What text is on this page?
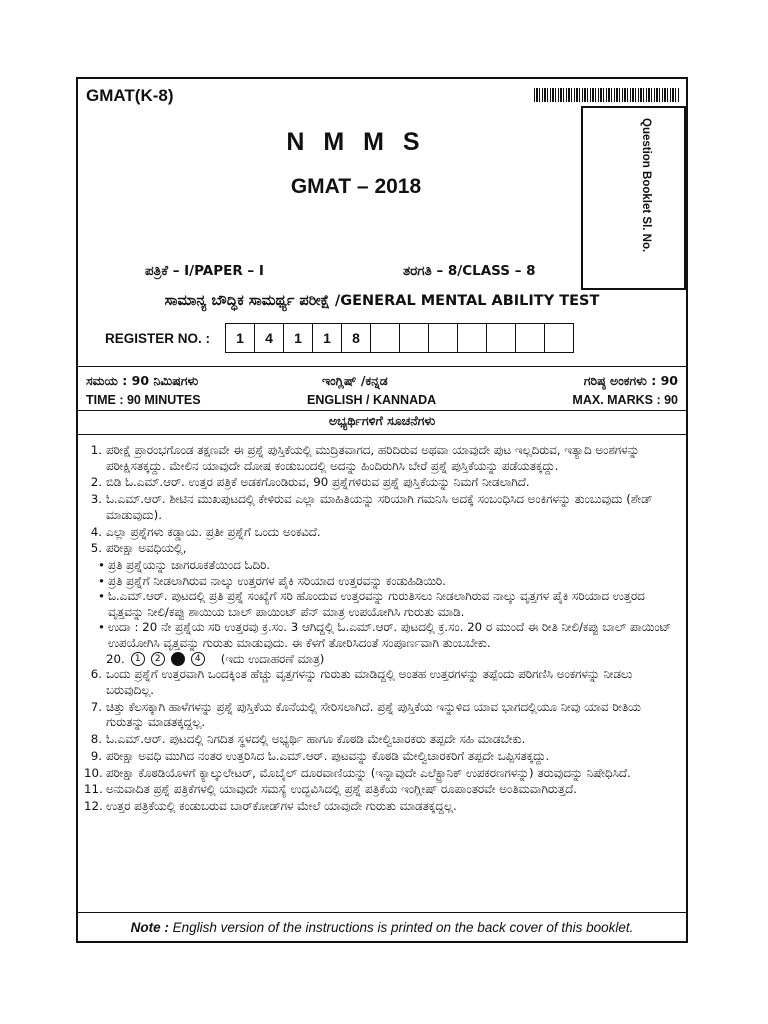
GMAT(K-8)
Question Booklet Sl. No.
N M M S
GMAT – 2018
ಪತ್ರಿಕೆ – I/PAPER – I	ತರಗತಿ – 8/CLASS – 8
ಸಾಮಾನ್ಯ ಬೌದ್ಧಿಕ ಸಾಮರ್ಥ್ಯ ಪರೀಕ್ಷೆ /GENERAL MENTAL ABILITY TEST
REGISTER NO. :	1	4	1	1	8
ಸಮಯ : 90 ನಿಮಿಷಗಳು	ಇಂಗ್ಲಿಷ್ /ಕನ್ನಡ	ಗರಿಷ್ಠ ಅಂಕಗಳು : 90
TIME : 90 MINUTES	ENGLISH / KANNADA	MAX. MARKS : 90
ಅಭ್ಯರ್ಥಿಗಳಿಗೆ ಸೂಚನೆಗಳು
1. ಪರೀಕ್ಷೆ ಪ್ರಾರಂಭಗೊಂಡ ತಕ್ಷಣವೇ ಈ ಪ್ರಶ್ನೆ ಪುಸ್ತಿಕೆಯಲ್ಲಿ ಮುದ್ರಿತವಾಗದ, ಹರಿದಿರುವ ಅಥವಾ ಯಾವುದೇ ಪುಟ ಇಲ್ಲದಿರುವ, ಇತ್ಯಾದಿ ಅಂಶಗಳನ್ನು ಪರೀಕ್ಷಿಸತಕ್ಕದ್ದು. ಮೇಲಿನ ಯಾವುದೇ ದೋಷ ಕಂಡುಬಂದಲ್ಲಿ ಅದನ್ನು ಹಿಂದಿರುಗಿಸಿ ಬೇರೆ ಪ್ರಶ್ನೆ ಪುಸ್ತಿಕೆಯನ್ನು ಪಡೆಯತಕ್ಕದ್ದು.
2. ಬಿಡಿ ಓ.ಎಮ್.ಆರ್. ಉತ್ತರ ಪತ್ರಿಕೆ ಅಡಕಗೊಂಡಿರುವ, 90 ಪ್ರಶ್ನೆಗಳಿರುವ ಪ್ರಶ್ನೆ ಪುಸ್ತಿಕೆಯನ್ನು ನಿಮಗೆ ನೀಡಲಾಗಿದೆ.
3. ಓ.ಎಮ್.ಆರ್. ಶೀಟಿನ ಮುಖಪುಟದಲ್ಲಿ ಕೇಳಿರುವ ಎಲ್ಲಾ ಮಾಹಿತಿಯನ್ನು ಸರಿಯಾಗಿ ಗಮನಿಸಿ ಅದಕ್ಕೆ ಸಂಬಂಧಿಸಿದ ಅಂಕಿಗಳನ್ನು ತುಂಬುವುದು (ಶೇಡ್ ಮಾಡುವುದು).
4. ಎಲ್ಲಾ ಪ್ರಶ್ನೆಗಳು ಕಡ್ಡಾಯ. ಪ್ರತೀ ಪ್ರಶ್ನೆಗೆ ಒಂದು ಅಂಕವಿದೆ.
5. ಪರೀಕ್ಷಾ ಅವಧಿಯಲ್ಲಿ,
• ಪ್ರತಿ ಪ್ರಶ್ನೆಯನ್ನು ಜಾಗರೂಕತೆಯಿಂದ ಓದಿರಿ.
• ಪ್ರತಿ ಪ್ರಶ್ನೆಗೆ ನೀಡಲಾಗಿರುವ ನಾಲ್ಕು ಉತ್ತರಗಳ ಪೈಕಿ ಸರಿಯಾದ ಉತ್ತರವನ್ನು ಕಂಡುಹಿಡಿಯಿರಿ.
• ಓ.ಎಮ್.ಆರ್. ಪುಟದಲ್ಲಿ ಪ್ರತಿ ಪ್ರಶ್ನೆ ಸಂಖ್ಯೆಗೆ ಸರಿ ಹೊಂದುವ ಉತ್ತರವನ್ನು ಗುರುತಿಸಲು ನೀಡಲಾಗಿರುವ ನಾಲ್ಕು ವೃತ್ತಗಳ ಪೈಕಿ ಸರಿಯಾದ ಉತ್ತರದ ವೃತ್ತವನ್ನು ನೀಲಿ/ಕಪ್ಪು ಶಾಯಿಯ ಬಾಲ್ ಪಾಯಿಂಟ್ ಪೆನ್ ಮಾತ್ರ ಉಪಯೋಗಿಸಿ ಗುರುತು ಮಾಡಿ.
• ಉದಾ : 20 ನೇ ಪ್ರಶ್ನೆಯ ಸರಿ ಉತ್ತರವು ಕ್ರ.ಸಂ. 3 ಆಗಿದ್ದಲ್ಲಿ ಓ.ಎಮ್.ಆರ್. ಪುಟದಲ್ಲಿ ಕ್ರ.ಸಂ. 20 ರ ಮುಂದೆ ಈ ರೀತಿ ನೀಲಿ/ಕಪ್ಪು ಬಾಲ್ ಪಾಯಿಂಟ್ ಉಪಯೋಗಿಸಿ ವೃತ್ತವನ್ನು ಗುರುತು ಮಾಡುವುದು. ಈ ಕೆಳಗೆ ತೋರಿಸಿದಂತೆ ಸಂಪೂರ್ಣವಾಗಿ ತುಂಬಬೇಕು.
20.	1	2	3	4	(ಇದು ಉದಾಹರಣೆ ಮಾತ್ರ)
6. ಒಂದು ಪ್ರಶ್ನೆಗೆ ಉತ್ತರವಾಗಿ ಒಂದಕ್ಕಿಂತ ಹೆಚ್ಚು ವೃತ್ತಗಳನ್ನು ಗುರುತು ಮಾಡಿದ್ದಲ್ಲಿ ಅಂತಹ ಉತ್ತರಗಳನ್ನು ತಪ್ಪೆಂದು ಪರಿಗಣಿಸಿ ಅಂಕಗಳನ್ನು ನೀಡಲು ಬರುವುದಿಲ್ಲ.
7. ಚಿತ್ತು ಕೆಲಸಕ್ಕಾಗಿ ಹಾಳೆಗಳನ್ನು ಪ್ರಶ್ನೆ ಪುಸ್ತಿಕೆಯ ಕೊನೆಯಲ್ಲಿ ಸೇರಿಸಲಾಗಿದೆ. ಪ್ರಶ್ನೆ ಪುಸ್ತಿಕೆಯ ಇನ್ನುಳಿದ ಯಾವ ಭಾಗದಲ್ಲಿಯೂ ನೀವು ಯಾವ ರೀತಿಯ ಗುರುತನ್ನು ಮಾಡತಕ್ಕದ್ದಲ್ಲ.
8. ಓ.ಎಮ್.ಆರ್. ಪುಟದಲ್ಲಿ ನಿಗದಿತ ಸ್ಥಳದಲ್ಲಿ ಅಭ್ಯರ್ಥಿ ಹಾಗೂ ಕೊಠಡಿ ಮೇಲ್ವಿಚಾರಕರು ತಪ್ಪದೇ ಸಹಿ ಮಾಡಬೇಕು.
9. ಪರೀಕ್ಷಾ ಅವಧಿ ಮುಗಿದ ನಂತರ ಉತ್ತರಿಸಿದ ಓ.ಎಮ್.ಆರ್. ಪುಟವನ್ನು ಕೊಠಡಿ ಮೇಲ್ವಿಚಾರಕರಿಗೆ ತಪ್ಪದೇ ಒಪ್ಪಿಸತಕ್ಕದ್ದು.
10. ಪರೀಕ್ಷಾ ಕೊಠಡಿಯೊಳಗೆ ಕ್ಯಾಲ್ಕುಲೇಟರ್, ಮೊಬೈಲ್ ದೂರವಾಣಿಯನ್ನು (ಇನ್ನಾವುದೇ ಎಲೆಕ್ಟ್ರಾನಿಕ್ ಉಪಕರಣಗಳನ್ನು) ತರುವುದನ್ನು ನಿಷೇಧಿಸಿದೆ.
11. ಅನುವಾದಿತ ಪ್ರಶ್ನೆ ಪತ್ರಿಕೆಗಳಲ್ಲಿ ಯಾವುದೇ ಸಮಸ್ಯೆ ಉದ್ಭವಿಸಿದಲ್ಲಿ ಪ್ರಶ್ನೆ ಪತ್ರಿಕೆಯ ಇಂಗ್ಲೀಷ್ ರೂಪಾಂತರವೇ ಅಂತಿಮವಾಗಿರುತ್ತದೆ.
12. ಉತ್ತರ ಪತ್ರಿಕೆಯಲ್ಲಿ ಕಂಡುಬರುವ ಬಾರ್‌ಕೋಡ್‌ಗಳ ಮೇಲೆ ಯಾವುದೇ ಗುರುತು ಮಾಡತಕ್ಕದ್ದಲ್ಲ.
Note : English version of the instructions is printed on the back cover of this booklet.
